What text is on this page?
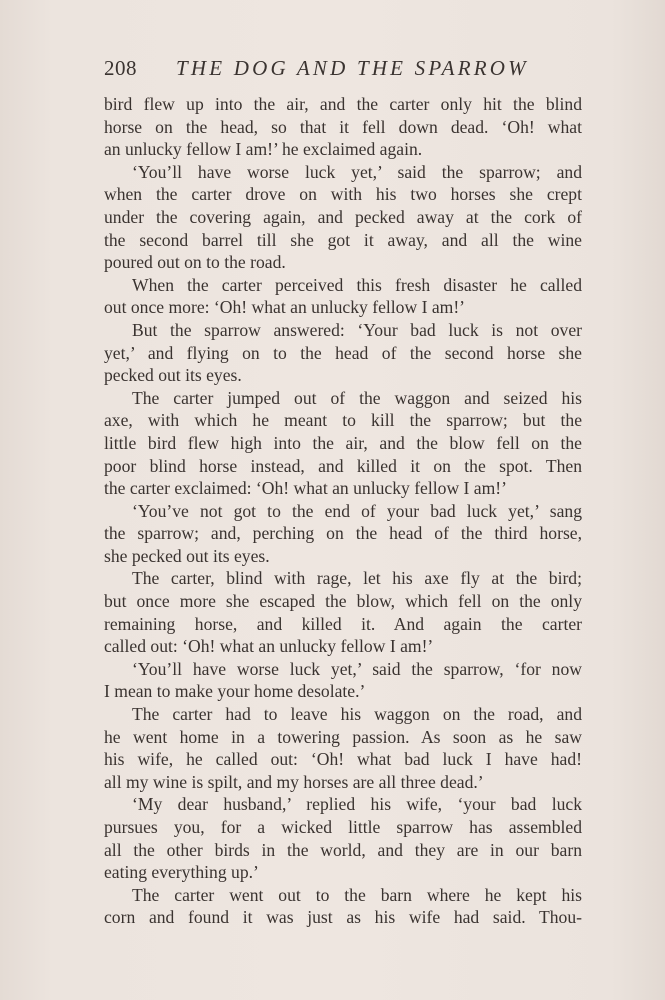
208 THE DOG AND THE SPARROW
bird flew up into the air, and the carter only hit the blind
horse on the head, so that it fell down dead. ‘Oh! what
an unlucky fellow I am!’ he exclaimed again.
‘You’ll have worse luck yet,’ said the sparrow; and
when the carter drove on with his two horses she crept
under the covering again, and pecked away at the cork of
the second barrel till she got it away, and all the wine
poured out on to the road.
When the carter perceived this fresh disaster he called
out once more: ‘Oh! what an unlucky fellow I am!’
But the sparrow answered: ‘Your bad luck is not over
yet,’ and flying on to the head of the second horse she
pecked out its eyes.
The carter jumped out of the waggon and seized his
axe, with which he meant to kill the sparrow; but the
little bird flew high into the air, and the blow fell on the
poor blind horse instead, and killed it on the spot. Then
the carter exclaimed: ‘Oh! what an unlucky fellow I am!’
‘You’ve not got to the end of your bad luck yet,’ sang
the sparrow; and, perching on the head of the third horse,
she pecked out its eyes.
The carter, blind with rage, let his axe fly at the bird;
but once more she escaped the blow, which fell on the only
remaining horse, and killed it. And again the carter
called out: ‘Oh! what an unlucky fellow I am!’
‘You’ll have worse luck yet,’ said the sparrow, ‘for now
I mean to make your home desolate.’
The carter had to leave his waggon on the road, and
he went home in a towering passion. As soon as he saw
his wife, he called out: ‘Oh! what bad luck I have had!
all my wine is spilt, and my horses are all three dead.’
‘My dear husband,’ replied his wife, ‘your bad luck
pursues you, for a wicked little sparrow has assembled
all the other birds in the world, and they are in our barn
eating everything up.’
The carter went out to the barn where he kept his
corn and found it was just as his wife had said. Thou-
